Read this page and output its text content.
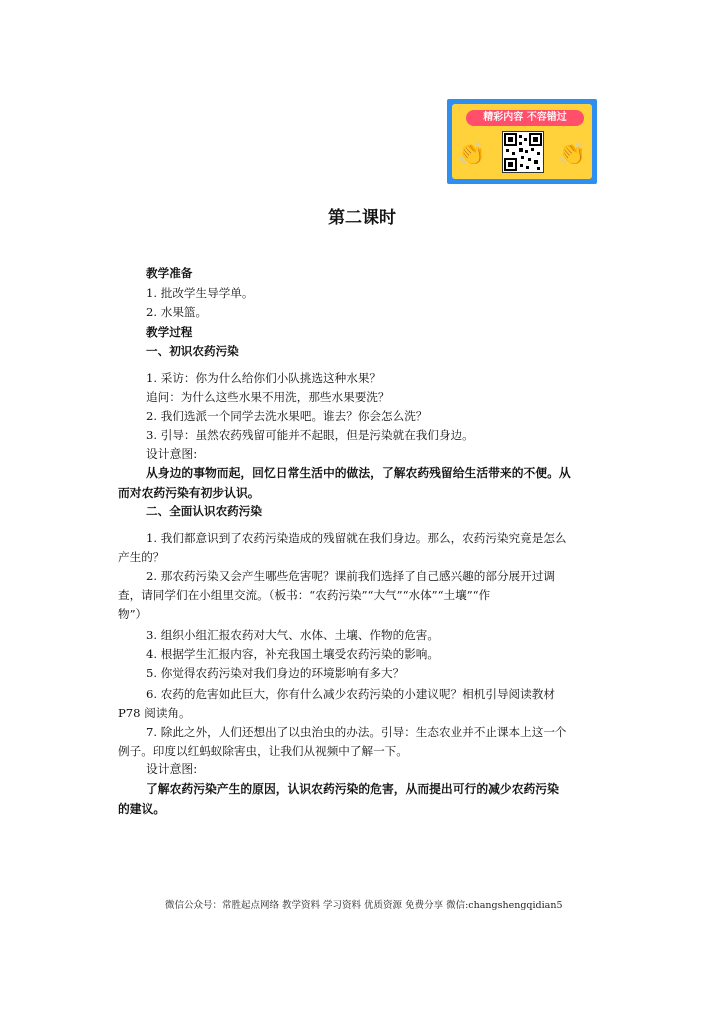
精彩内容 不容错过
👏	👏
第二课时
教学准备
1. 批改学生导学单。
2. 水果篮。
教学过程
一、初识农药污染
1. 采访：你为什么给你们小队挑选这种水果？
追问：为什么这些水果不用洗，那些水果要洗？
2. 我们选派一个同学去洗水果吧。谁去？你会怎么洗？
3. 引导：虽然农药残留可能并不起眼，但是污染就在我们身边。
设计意图:
从身边的事物而起，回忆日常生活中的做法，了解农药残留给生活带来的不便。从
而对农药污染有初步认识。
二、全面认识农药污染
1. 我们都意识到了农药污染造成的残留就在我们身边。那么，农药污染究竟是怎么
产生的？
2. 那农药污染又会产生哪些危害呢？课前我们选择了自己感兴趣的部分展开过调
查，请同学们在小组里交流。（板书：“农药污染”“大气”“水体”“土壤”“作
物”）
3. 组织小组汇报农药对大气、水体、土壤、作物的危害。
4. 根据学生汇报内容，补充我国土壤受农药污染的影响。
5. 你觉得农药污染对我们身边的环境影响有多大？
6. 农药的危害如此巨大，你有什么减少农药污染的小建议呢？相机引导阅读教材
P78 阅读角。
7. 除此之外，人们还想出了以虫治虫的办法。引导：生态农业并不止课本上这一个
例子。印度以红蚂蚁除害虫，让我们从视频中了解一下。
设计意图:
了解农药污染产生的原因，认识农药污染的危害，从而提出可行的减少农药污染
的建议。
微信公众号：常胜起点网络 教学资料 学习资料 优质资源 免费分享 微信:changshengqidian5
